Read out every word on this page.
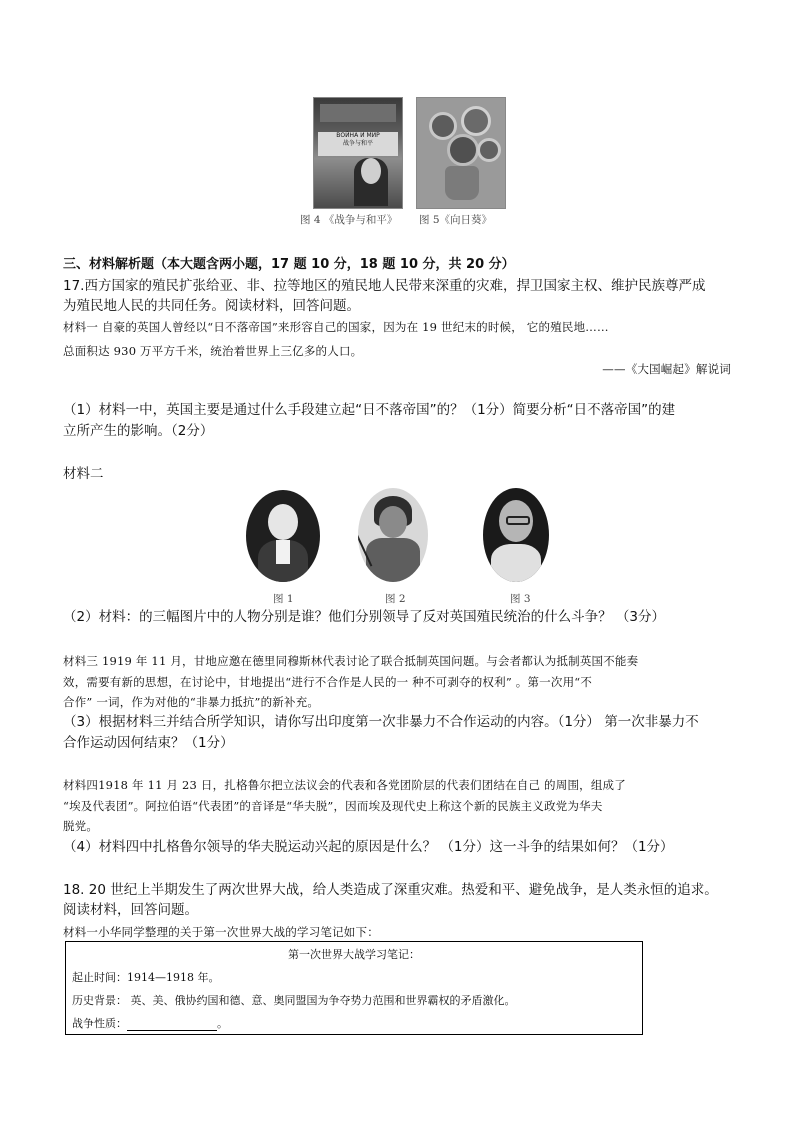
ВОЙНА И МИР
战争与和平
图 4 《战争与和平》 图 5《向日葵》
三、材料解析题（本大题含两小题，17 题 10 分，18 题 10 分，共 20 分）
17.西方国家的殖民扩张给亚、非、拉等地区的殖民地人民带来深重的灾难，捍卫国家主权、维护民族尊严成
为殖民地人民的共同任务。阅读材料，回答问题。
材料一 自豪的英国人曾经以“日不落帝国”来形容自己的国家，因为在 19 世纪末的时候， 它的殖民地……
总面积达 930 万平方千米，统治着世界上三亿多的人口。
——《大国崛起》解说词
（1）材料一中，英国主要是通过什么手段建立起“日不落帝国”的？（1分）简要分析“日不落帝国”的建
立所产生的影响。（2分）
材料二
图 1	图 2	图 3
（2）材料：的三幅图片中的人物分别是谁？他们分别领导了反对英国殖民统治的什么斗争？ （3分）
材料三 1919 年 11 月，甘地应邀在德里同穆斯林代表讨论了联合抵制英国问题。与会者都认为抵制英国不能奏
效，需要有新的思想，在讨论中，甘地提出“进行不合作是人民的一 种不可剥夺的权利” 。第一次用“不
合作” 一词，作为对他的“非暴力抵抗”的新补充。
（3）根据材料三并结合所学知识，请你写出印度第一次非暴力不合作运动的内容。（1分） 第一次非暴力不
合作运动因何结束？（1分）
材料四1918 年 11 月 23 日，扎格鲁尔把立法议会的代表和各党团阶层的代表们团结在自己 的周围，组成了
“埃及代表团”。阿拉伯语“代表团”的音译是“华夫脱”，因而埃及现代史上称这个新的民族主义政党为华夫
脱党。
（4）材料四中扎格鲁尔领导的华夫脱运动兴起的原因是什么？ （1分）这一斗争的结果如何？（1分）
18. 20 世纪上半期发生了两次世界大战，给人类造成了深重灾难。热爱和平、避免战争，是人类永恒的追求。
阅读材料，回答问题。
材料一小华同学整理的关于第一次世界大战的学习笔记如下：
第一次世界大战学习笔记：
起止时间：1914—1918 年。
历史背景： 英、美、俄协约国和德、意、奥同盟国为争夺势力范围和世界霸权的矛盾激化。
战争性质：	。
